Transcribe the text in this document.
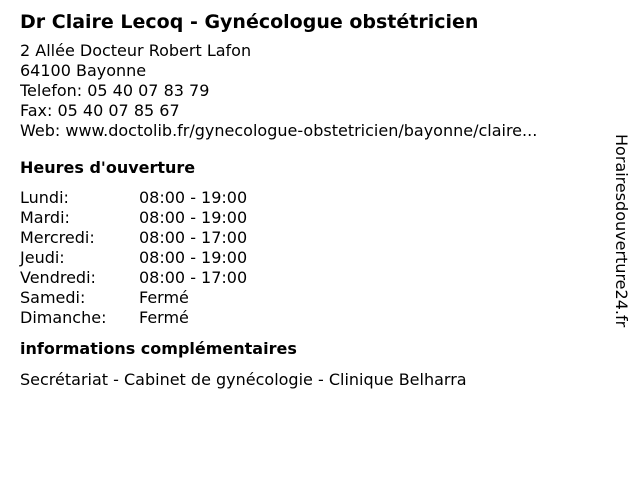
Dr Claire Lecoq - Gynécologue obstétricien
2 Allée Docteur Robert Lafon
64100 Bayonne
Telefon: 05 40 07 83 79
Fax: 05 40 07 85 67
Web: www.doctolib.fr/gynecologue-obstetricien/bayonne/claire...
Heures d'ouverture
Lundi:	08:00 - 19:00
Mardi:	08:00 - 19:00
Mercredi:	08:00 - 17:00
Jeudi:	08:00 - 19:00
Vendredi:	08:00 - 17:00
Samedi:	Fermé
Dimanche:	Fermé
informations complémentaires
Secrétariat - Cabinet de gynécologie - Clinique Belharra
Horairesdouverture24.fr
